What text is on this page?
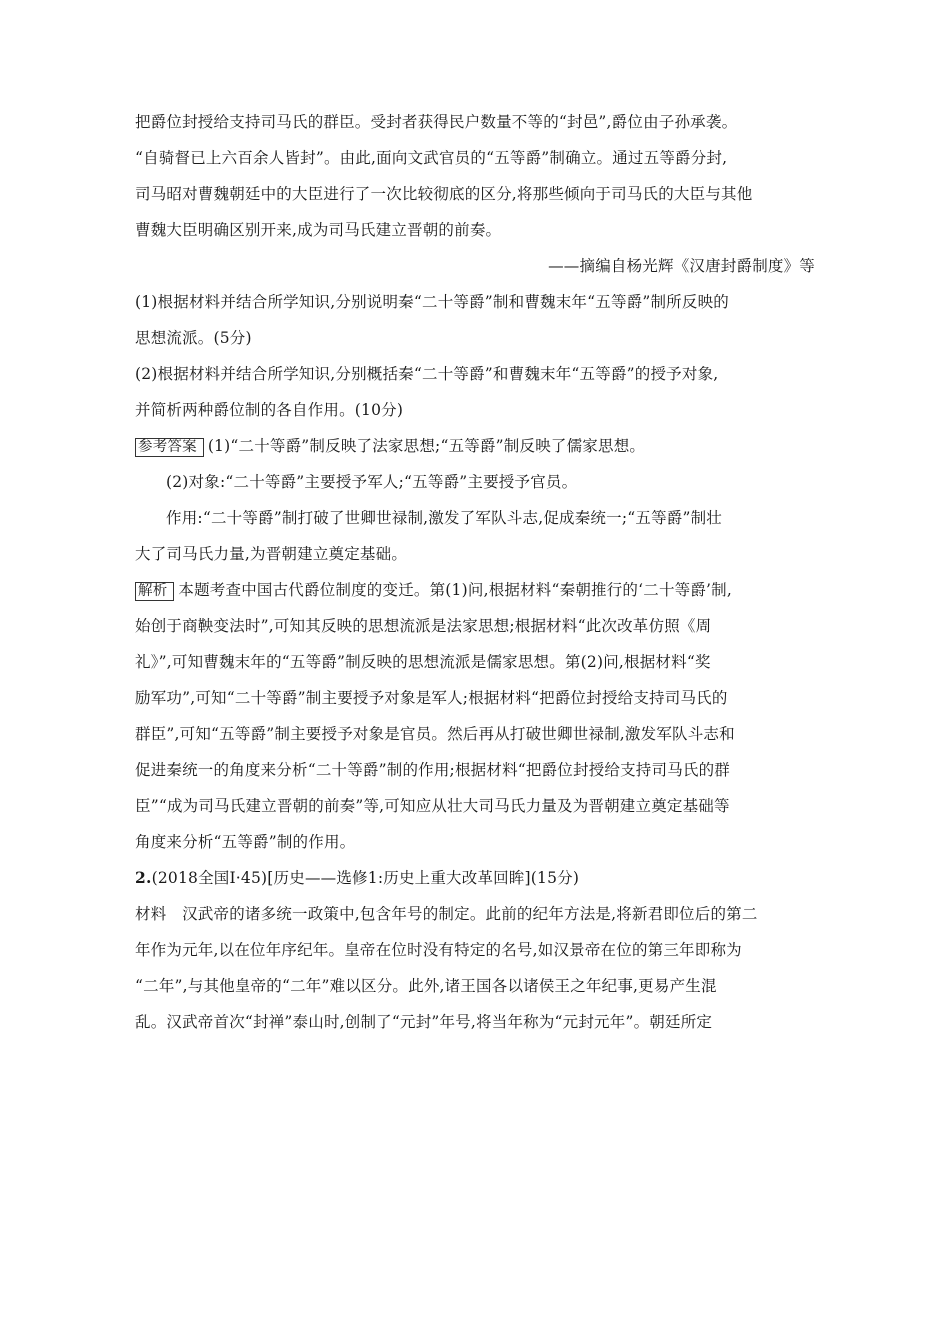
把爵位封授给支持司马氏的群臣。受封者获得民户数量不等的“封邑”,爵位由子孙承袭。
“自骑督已上六百余人皆封”。由此,面向文武官员的“五等爵”制确立。通过五等爵分封,
司马昭对曹魏朝廷中的大臣进行了一次比较彻底的区分,将那些倾向于司马氏的大臣与其他
曹魏大臣明确区别开来,成为司马氏建立晋朝的前奏。
——摘编自杨光辉《汉唐封爵制度》等
(1)根据材料并结合所学知识,分别说明秦“二十等爵”制和曹魏末年“五等爵”制所反映的
思想流派。(5分)
(2)根据材料并结合所学知识,分别概括秦“二十等爵”和曹魏末年“五等爵”的授予对象,
并简析两种爵位制的各自作用。(10分)
参考答案 (1)“二十等爵”制反映了法家思想;“五等爵”制反映了儒家思想。
(2)对象:“二十等爵”主要授予军人;“五等爵”主要授予官员。
作用:“二十等爵”制打破了世卿世禄制,激发了军队斗志,促成秦统一;“五等爵”制壮
大了司马氏力量,为晋朝建立奠定基础。
解析 本题考查中国古代爵位制度的变迁。第(1)问,根据材料“秦朝推行的‘二十等爵’制,
始创于商鞅变法时”,可知其反映的思想流派是法家思想;根据材料“此次改革仿照《周
礼》”,可知曹魏末年的“五等爵”制反映的思想流派是儒家思想。第(2)问,根据材料“奖
励军功”,可知“二十等爵”制主要授予对象是军人;根据材料“把爵位封授给支持司马氏的
群臣”,可知“五等爵”制主要授予对象是官员。然后再从打破世卿世禄制,激发军队斗志和
促进秦统一的角度来分析“二十等爵”制的作用;根据材料“把爵位封授给支持司马氏的群
臣”“成为司马氏建立晋朝的前奏”等,可知应从壮大司马氏力量及为晋朝建立奠定基础等
角度来分析“五等爵”制的作用。
2.(2018全国Ⅰ·45)[历史——选修1:历史上重大改革回眸](15分)
材料　汉武帝的诸多统一政策中,包含年号的制定。此前的纪年方法是,将新君即位后的第二
年作为元年,以在位年序纪年。皇帝在位时没有特定的名号,如汉景帝在位的第三年即称为
“二年”,与其他皇帝的“二年”难以区分。此外,诸王国各以诸侯王之年纪事,更易产生混
乱。汉武帝首次“封禅”泰山时,创制了“元封”年号,将当年称为“元封元年”。朝廷所定
